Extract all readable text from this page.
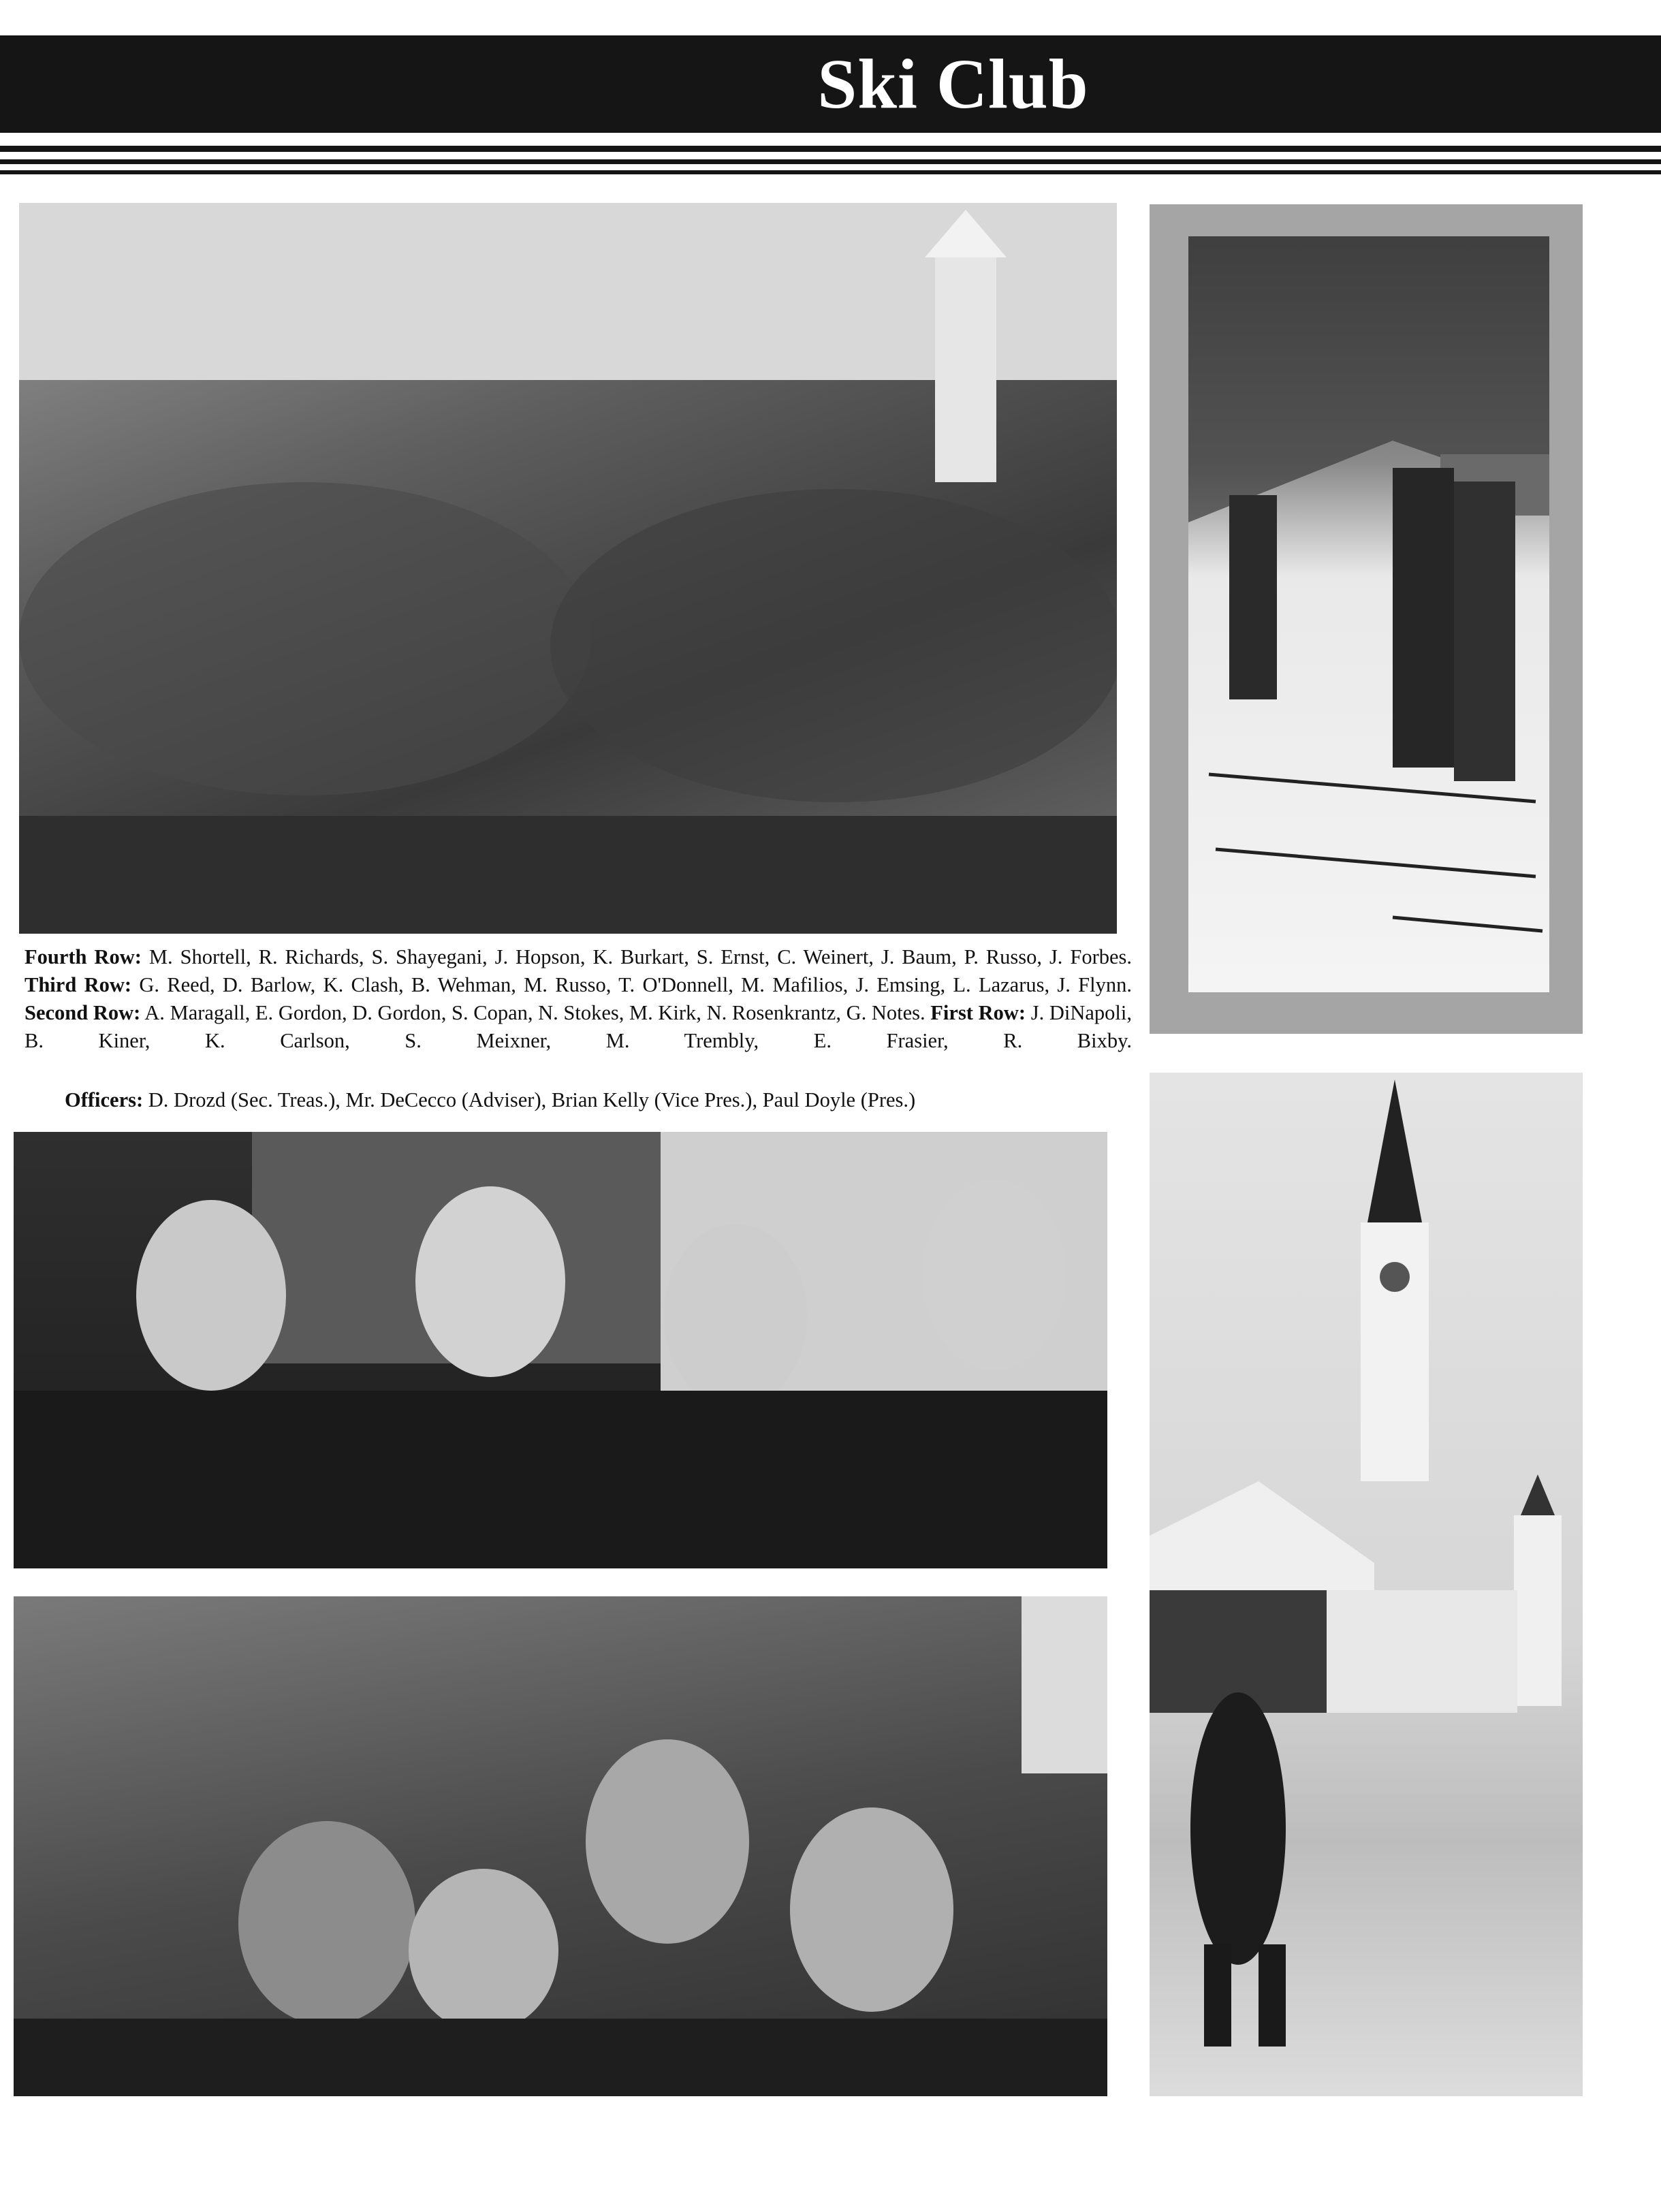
Ski Club

Fourth Row: M. Shortell, R. Richards, S. Shayegani, J. Hopson, K. Burkart, S. Ernst, C. Weinert, J. Baum, P. Russo, J. Forbes. Third Row: G. Reed, D. Barlow, K. Clash, B. Wehman, M. Russo, T. O'Donnell, M. Mafilios, J. Emsing, L. Lazarus, J. Flynn. Second Row: A. Maragall, E. Gordon, D. Gordon, S. Copan, N. Stokes, M. Kirk, N. Rosenkrantz, G. Notes. First Row: J. DiNapoli, B. Kiner, K. Carlson, S. Meixner, M. Trembly, E. Frasier, R. Bixby.

Officers: D. Drozd (Sec. Treas.), Mr. DeCecco (Adviser), Brian Kelly (Vice Pres.), Paul Doyle (Pres.)
